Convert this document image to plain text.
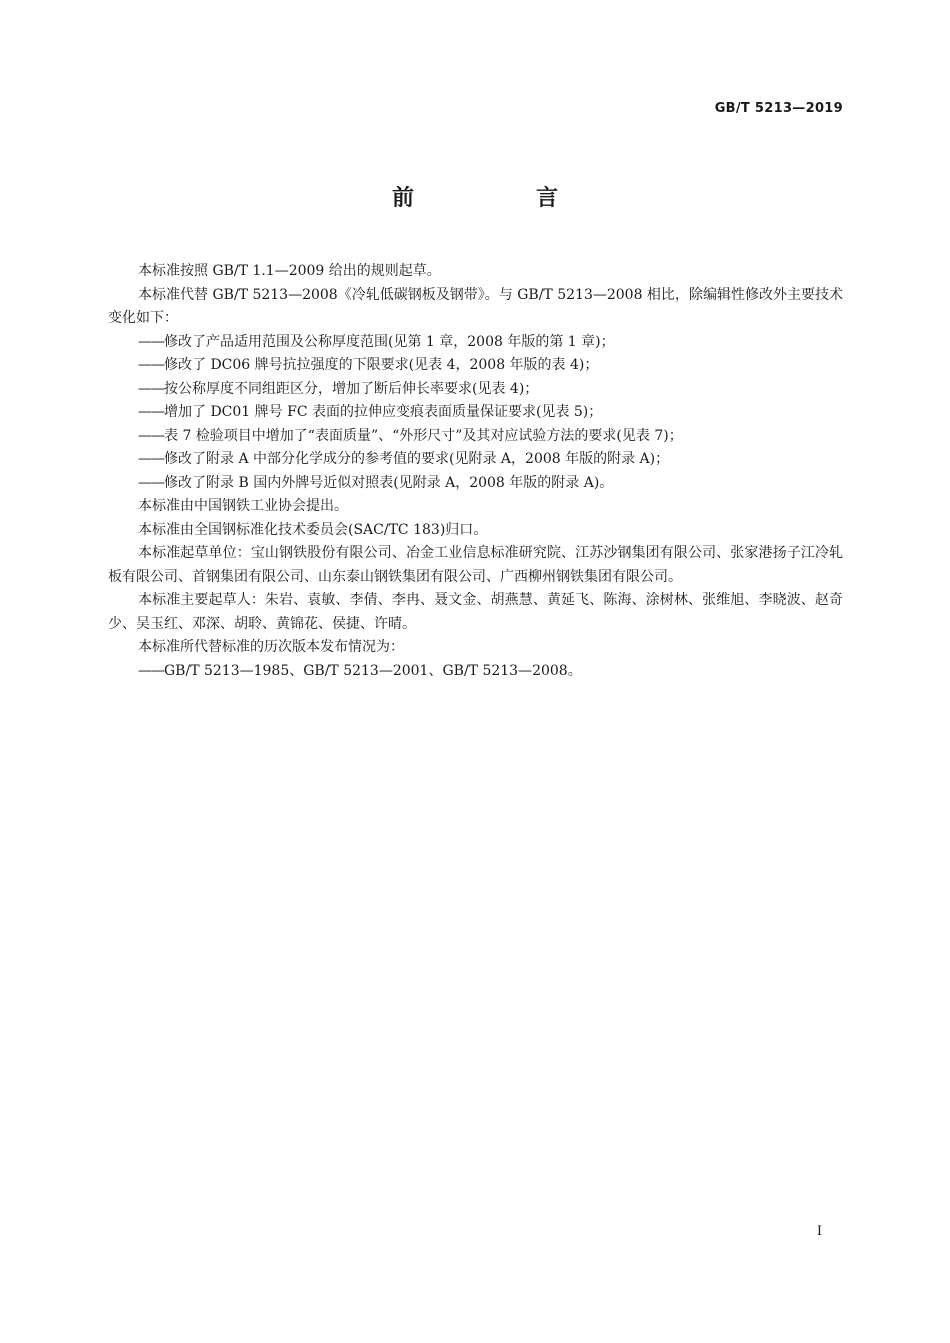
GB/T 5213—2019
前　言

本标准按照 GB/T 1.1—2009 给出的规则起草。

本标准代替 GB/T 5213—2008《冷轧低碳钢板及钢带》。与 GB/T 5213—2008 相比，除编辑性修改外主要技术变化如下：

——修改了产品适用范围及公称厚度范围(见第 1 章，2008 年版的第 1 章)；

——修改了 DC06 牌号抗拉强度的下限要求(见表 4，2008 年版的表 4)；

——按公称厚度不同组距区分，增加了断后伸长率要求(见表 4)；

——增加了 DC01 牌号 FC 表面的拉伸应变痕表面质量保证要求(见表 5)；

——表 7 检验项目中增加了“表面质量”、“外形尺寸”及其对应试验方法的要求(见表 7)；

——修改了附录 A 中部分化学成分的参考值的要求(见附录 A，2008 年版的附录 A)；

——修改了附录 B 国内外牌号近似对照表(见附录 A，2008 年版的附录 A)。

本标准由中国钢铁工业协会提出。

本标准由全国钢标准化技术委员会(SAC/TC 183)归口。

本标准起草单位：宝山钢铁股份有限公司、冶金工业信息标准研究院、江苏沙钢集团有限公司、张家港扬子江冷轧板有限公司、首钢集团有限公司、山东泰山钢铁集团有限公司、广西柳州钢铁集团有限公司。

本标准主要起草人：朱岩、袁敏、李倩、李冉、聂文金、胡燕慧、黄延飞、陈海、涂树林、张维旭、李晓波、赵奇少、吴玉红、邓深、胡聆、黄锦花、侯捷、许晴。

本标准所代替标准的历次版本发布情况为：

——GB/T 5213—1985、GB/T 5213—2001、GB/T 5213—2008。

I
